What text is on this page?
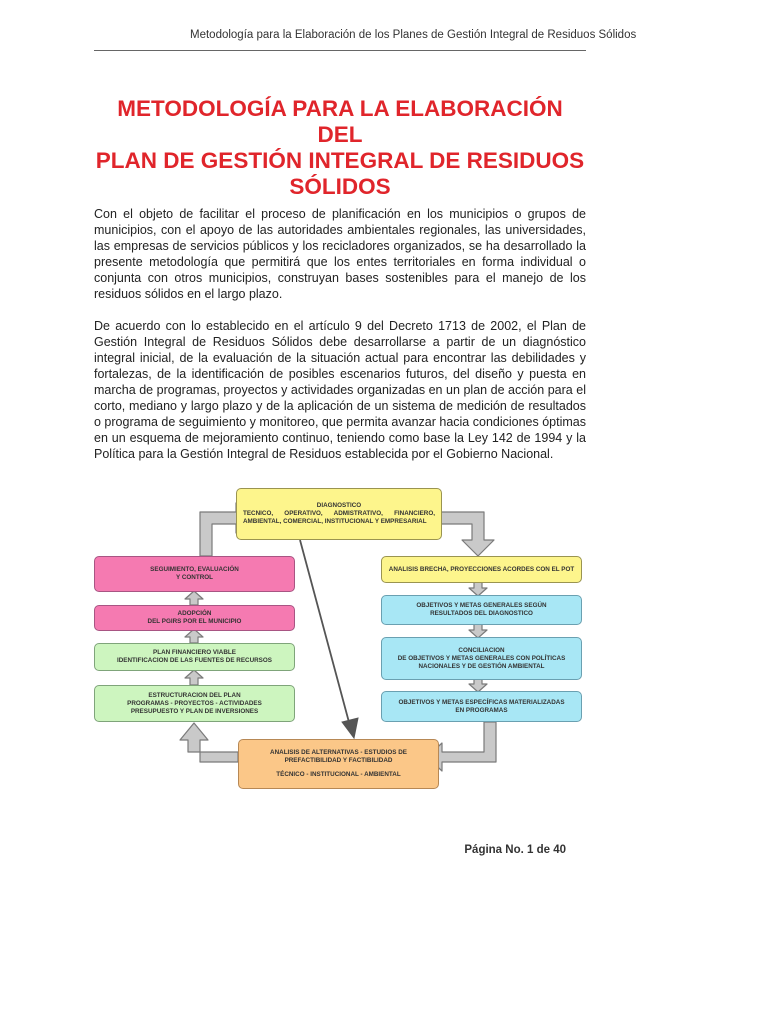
Metodología para la Elaboración de los Planes de Gestión Integral de Residuos Sólidos
METODOLOGÍA PARA LA ELABORACIÓN DEL
PLAN DE GESTIÓN INTEGRAL DE RESIDUOS
SÓLIDOS

Con el objeto de facilitar el proceso de planificación en los municipios o grupos de municipios, con el apoyo de las autoridades ambientales regionales, las universidades, las empresas de servicios públicos y los recicladores organizados, se ha desarrollado la presente metodología que permitirá que los entes territoriales en forma individual o conjunta con otros municipios, construyan bases sostenibles para el manejo de los residuos sólidos en el largo plazo.

De acuerdo con lo establecido en el artículo 9 del Decreto 1713 de 2002, el Plan de Gestión Integral de Residuos Sólidos debe desarrollarse a partir de un diagnóstico integral inicial, de la evaluación de la situación actual para encontrar las debilidades y fortalezas, de la identificación de posibles escenarios futuros, del diseño y puesta en marcha de programas, proyectos y actividades organizadas en un plan de acción para el corto, mediano y largo plazo y de la aplicación de un sistema de medición de resultados o programa de seguimiento y monitoreo, que permita avanzar hacia condiciones óptimas en un esquema de mejoramiento continuo, teniendo como base la Ley 142 de 1994 y la Política para la Gestión Integral de Residuos establecida por el Gobierno Nacional.

DIAGNOSTICO
TECNICO, OPERATIVO, ADMISTRATIVO, FINANCIERO, AMBIENTAL, COMERCIAL, INSTITUCIONAL Y EMPRESARIAL
ANALISIS BRECHA, PROYECCIONES ACORDES CON EL POT
OBJETIVOS Y METAS GENERALES SEGÚN
RESULTADOS DEL DIAGNOSTICO
CONCILIACION
DE OBJETIVOS Y METAS GENERALES CON POLÍTICAS NACIONALES Y DE GESTIÓN AMBIENTAL
OBJETIVOS Y METAS ESPECÍFICAS MATERIALIZADAS
EN PROGRAMAS
ANALISIS DE ALTERNATIVAS - ESTUDIOS DE PREFACTIBILIDAD Y FACTIBILIDAD
TÉCNICO - INSTITUCIONAL - AMBIENTAL
SEGUIMIENTO, EVALUACIÓN
Y CONTROL
ADOPCIÓN
DEL PGIRS POR EL MUNICIPIO
PLAN FINANCIERO VIABLE
IDENTIFICACION DE LAS FUENTES DE RECURSOS
ESTRUCTURACION DEL PLAN
PROGRAMAS - PROYECTOS - ACTIVIDADES
PRESUPUESTO Y PLAN DE INVERSIONES
Página No. 1 de 40
